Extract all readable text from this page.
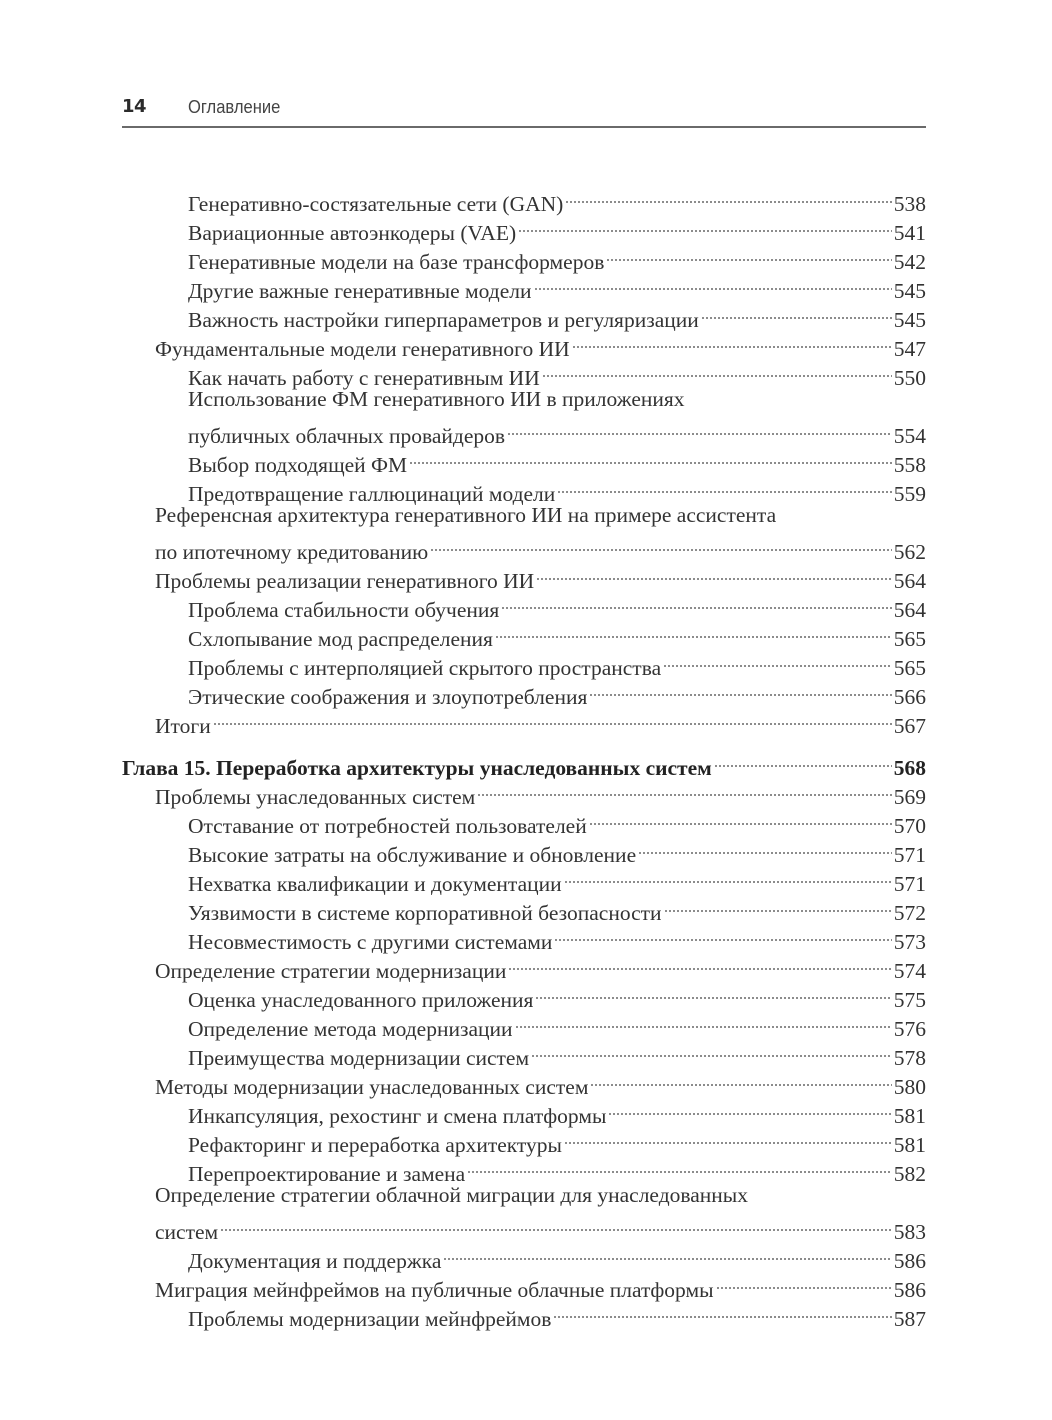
14 Оглавление
Генеративно-состязательные сети (GAN)	538
Вариационные автоэнкодеры (VAE)	541
Генеративные модели на базе трансформеров	542
Другие важные генеративные модели	545
Важность настройки гиперпараметров и регуляризации	545
Фундаментальные модели генеративного ИИ	547
Как начать работу с генеративным ИИ	550
Использование ФМ генеративного ИИ в приложениях
публичных облачных провайдеров	554
Выбор подходящей ФМ	558
Предотвращение галлюцинаций модели	559
Референсная архитектура генеративного ИИ на примере ассистента
по ипотечному кредитованию	562
Проблемы реализации генеративного ИИ	564
Проблема стабильности обучения	564
Схлопывание мод распределения	565
Проблемы с интерполяцией скрытого пространства	565
Этические соображения и злоупотребления	566
Итоги	567
Глава 15. Переработка архитектуры унаследованных систем	568
Проблемы унаследованных систем	569
Отставание от потребностей пользователей	570
Высокие затраты на обслуживание и обновление	571
Нехватка квалификации и документации	571
Уязвимости в системе корпоративной безопасности	572
Несовместимость с другими системами	573
Определение стратегии модернизации	574
Оценка унаследованного приложения	575
Определение метода модернизации	576
Преимущества модернизации систем	578
Методы модернизации унаследованных систем	580
Инкапсуляция, рехостинг и смена платформы	581
Рефакторинг и переработка архитектуры	581
Перепроектирование и замена	582
Определение стратегии облачной миграции для унаследованных
систем	583
Документация и поддержка	586
Миграция мейнфреймов на публичные облачные платформы	586
Проблемы модернизации мейнфреймов	587
